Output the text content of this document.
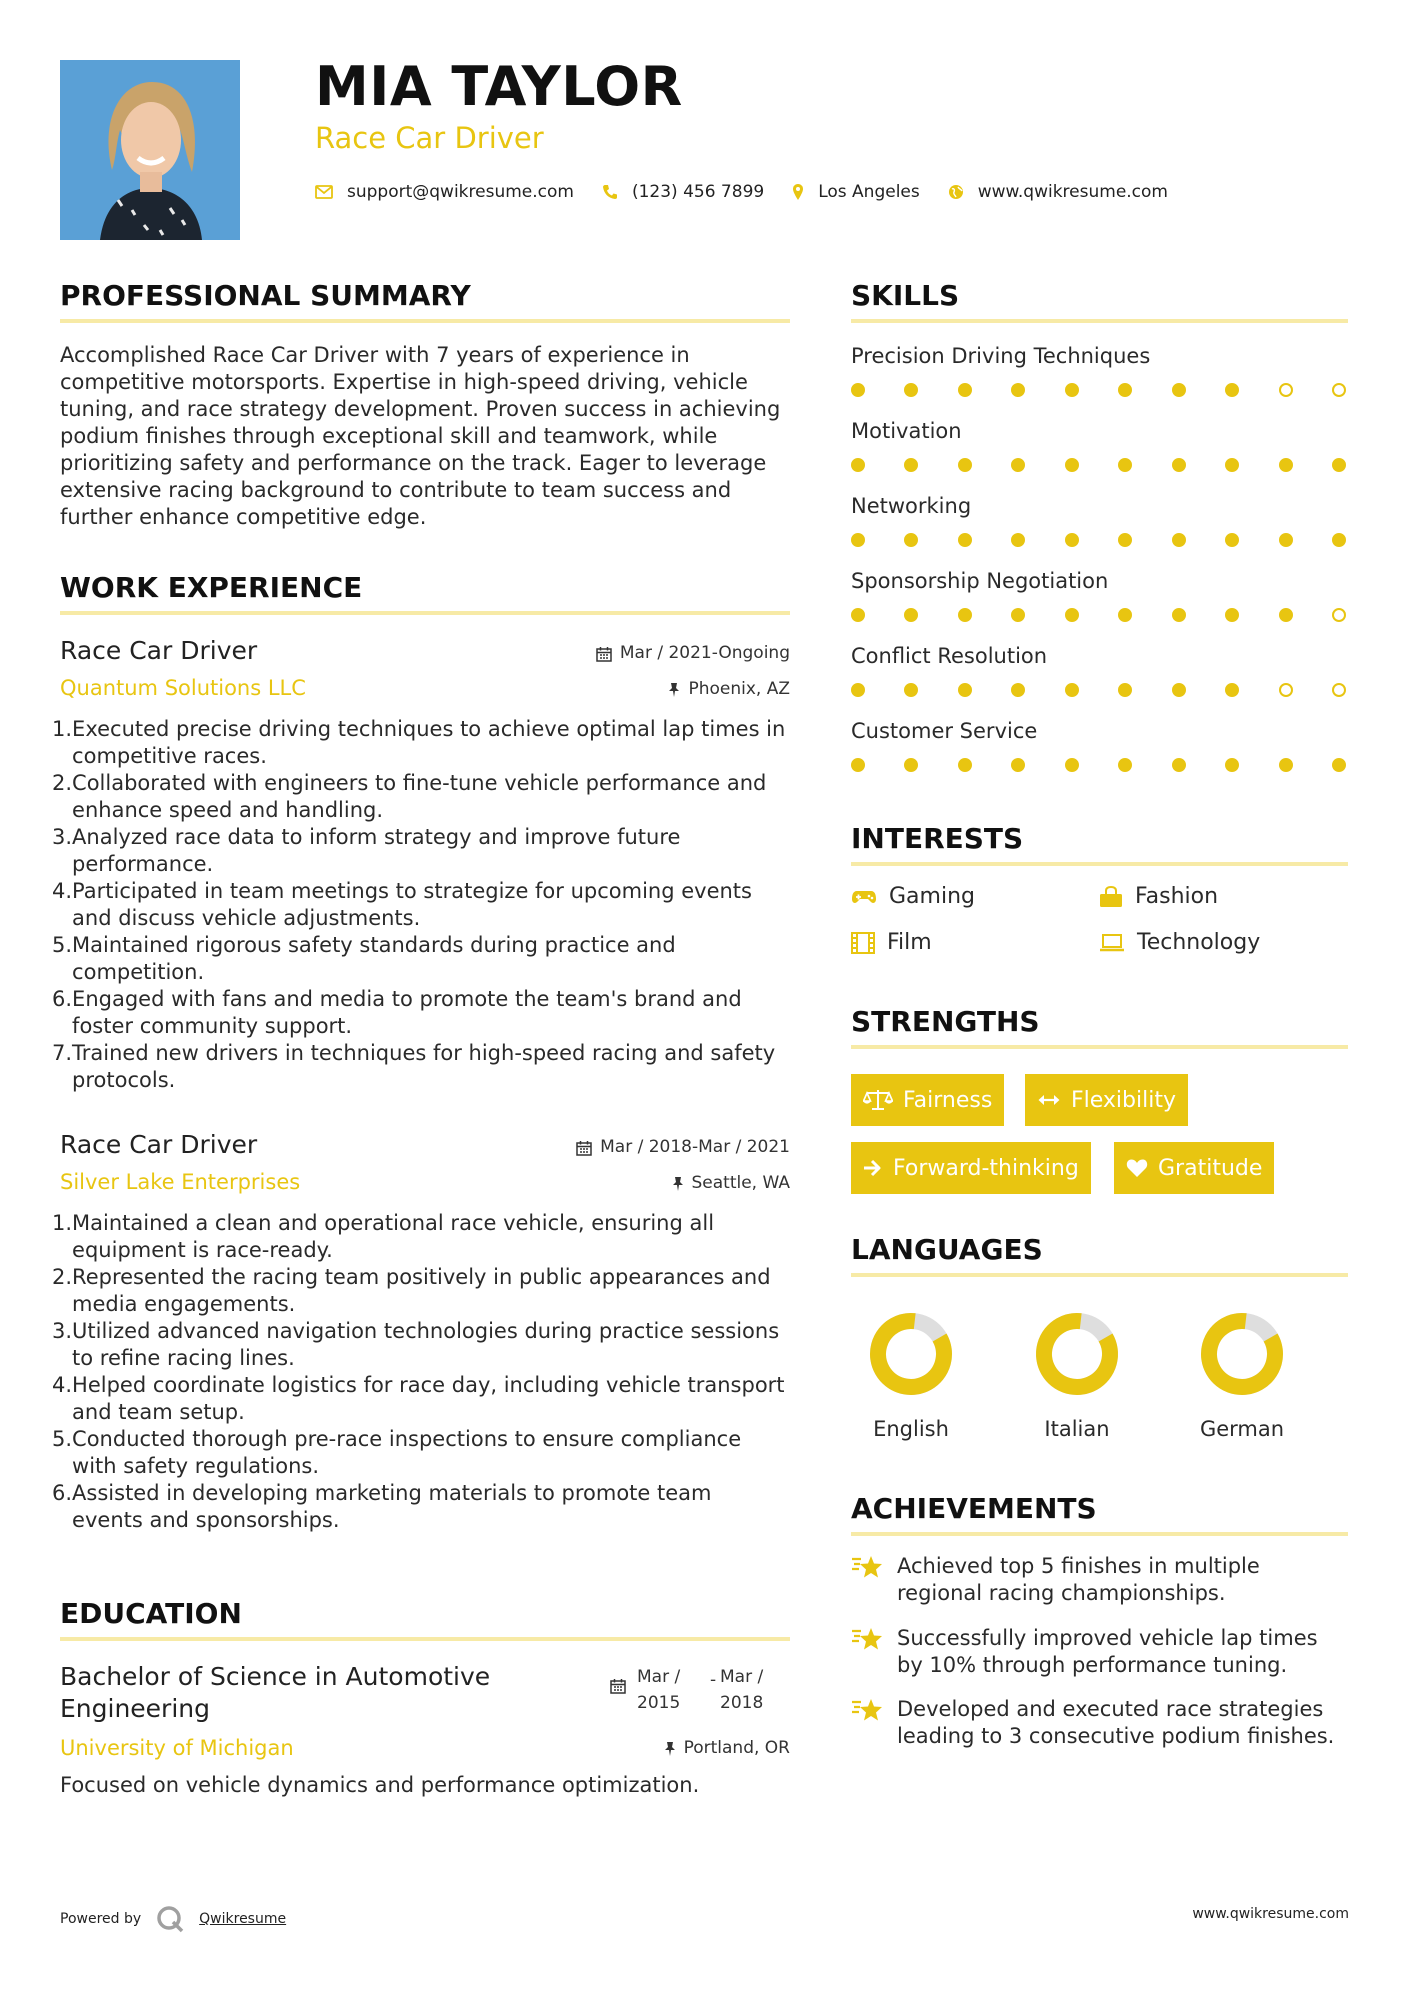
MIA TAYLOR
Race Car Driver
support@qwikresume.com	(123) 456 7899	Los Angeles	www.qwikresume.com
PROFESSIONAL SUMMARY
Accomplished Race Car Driver with 7 years of experience in competitive motorsports. Expertise in high-speed driving, vehicle tuning, and race strategy development. Proven success in achieving podium finishes through exceptional skill and teamwork, while prioritizing safety and performance on the track. Eager to leverage extensive racing background to contribute to team success and further enhance competitive edge.
WORK EXPERIENCE
Race Car Driver	Mar / 2021-Ongoing
Quantum Solutions LLC	Phoenix, AZ
1. Executed precise driving techniques to achieve optimal lap times in competitive races.
2. Collaborated with engineers to fine-tune vehicle performance and enhance speed and handling.
3. Analyzed race data to inform strategy and improve future performance.
4. Participated in team meetings to strategize for upcoming events and discuss vehicle adjustments.
5. Maintained rigorous safety standards during practice and competition.
6. Engaged with fans and media to promote the team's brand and foster community support.
7. Trained new drivers in techniques for high-speed racing and safety protocols.
Race Car Driver	Mar / 2018-Mar / 2021
Silver Lake Enterprises	Seattle, WA
1. Maintained a clean and operational race vehicle, ensuring all equipment is race-ready.
2. Represented the racing team positively in public appearances and media engagements.
3. Utilized advanced navigation technologies during practice sessions to refine racing lines.
4. Helped coordinate logistics for race day, including vehicle transport and team setup.
5. Conducted thorough pre-race inspections to ensure compliance with safety regulations.
6. Assisted in developing marketing materials to promote team events and sponsorships.
EDUCATION
Bachelor of Science in Automotive
Engineering
Mar /
2015
- Mar /
2018
University of Michigan	Portland, OR
Focused on vehicle dynamics and performance optimization.
SKILLS
Precision Driving Techniques
Motivation
Networking
Sponsorship Negotiation
Conflict Resolution
Customer Service
INTERESTS
Gaming	Fashion
Film	Technology
STRENGTHS
Fairness	Flexibility
Forward-thinking	Gratitude
LANGUAGES
English	Italian	German
ACHIEVEMENTS
Achieved top 5 finishes in multiple regional racing championships.
Successfully improved vehicle lap times by 10% through performance tuning.
Developed and executed race strategies leading to 3 consecutive podium finishes.
Powered by	Qwikresume	www.qwikresume.com
